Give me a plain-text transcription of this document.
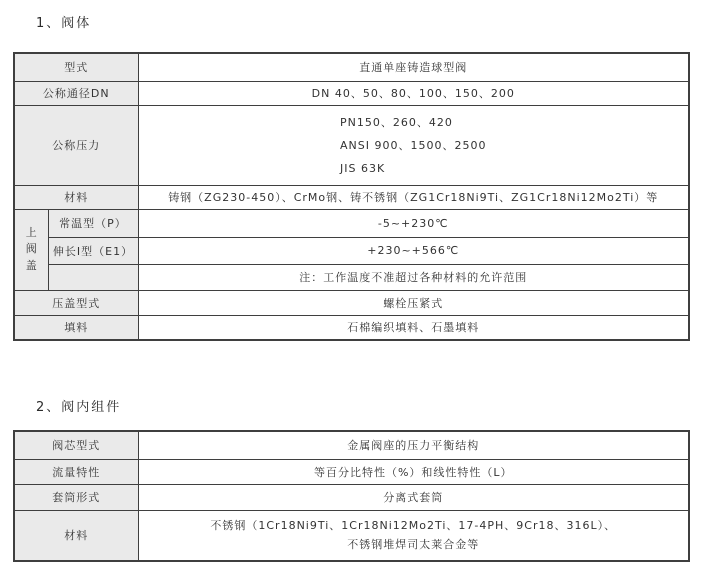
1、阀体
型式		直通单座铸造球型阀
公称通径DN		DN 40、50、80、100、150、200
公称压力		PN150、260、420
ANSI 900、1500、2500
JIS 63K

材料		铸钢（ZG230-450）、CrMo钢、铸不锈钢（ZG1Cr18Ni9Ti、ZG1Cr18Ni12Mo2Ti）等
上阀盖	常温型（P）	-5~+230℃
	伸长Ⅰ型（E1）	+230~+566℃
		注：工作温度不准超过各种材料的允许范围
压盖型式		螺栓压紧式
填料		石棉编织填料、石墨填料
2、阀内组件
阀芯型式	金属阀座的压力平衡结构
流量特性	等百分比特性（%）和线性特性（L）
套筒形式	分离式套筒
材料	不锈钢（1Cr18Ni9Ti、1Cr18Ni12Mo2Ti、17-4PH、9Cr18、316L）、
不锈钢堆焊司太莱合金等
